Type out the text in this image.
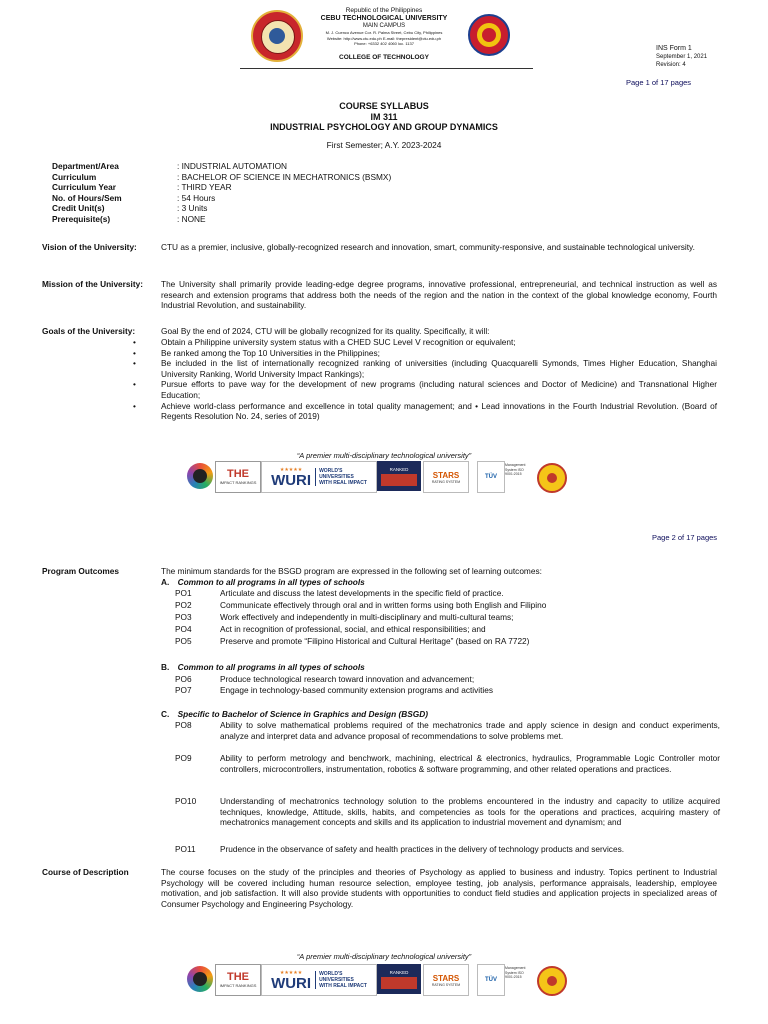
Republic of the Philippines
CEBU TECHNOLOGICAL UNIVERSITY
MAIN CAMPUS
M. J. Cuenco Avenue Cor. R. Palma Street, Cebu City, Philippines
Website: http://www.ctu.edu.ph E-mail: thepresident@ctu.edu.ph
Phone: +6332 402 4060 loc. 1137
COLLEGE OF TECHNOLOGY
INS Form 1
September 1, 2021
Revision: 4
Page 1 of 17 pages
COURSE SYLLABUS
IM 311
INDUSTRIAL PSYCHOLOGY AND GROUP DYNAMICS
First Semester; A.Y. 2023-2024
Department/Area	: INDUSTRIAL AUTOMATION
Curriculum	: BACHELOR OF SCIENCE IN MECHATRONICS (BSMX)
Curriculum Year	: THIRD YEAR
No. of Hours/Sem	: 54 Hours
Credit Unit(s)	: 3 Units
Prerequisite(s)	: NONE
Vision of the University:	CTU as a premier, inclusive, globally-recognized research and innovation, smart, community-responsive, and sustainable technological university.
Mission of the University: The University shall primarily provide leading-edge degree programs, innovative professional, entrepreneurial, and technical instruction as well as research and extension programs that address both the needs of the region and the nation in the context of the global knowledge economy, Fourth Industrial Revolution, and sustainability.
Goals of the University:	Goal By the end of 2024, CTU will be globally recognized for its quality. Specifically, it will:
• Obtain a Philippine university system status with a CHED SUC Level V recognition or equivalent;
• Be ranked among the Top 10 Universities in the Philippines;
• Be included in the list of internationally recognized ranking of universities (including Quacquarelli Symonds, Times Higher Education, Shanghai University Ranking, World University Impact Rankings);
• Pursue efforts to pave way for the development of new programs (including natural sciences and Doctor of Medicine) and Transnational Higher Education;
• Achieve world-class performance and excellence in total quality management; and • Lead innovations in the Fourth Industrial Revolution. (Board of Regents Resolution No. 24, series of 2019)
“A premier multi-disciplinary technological university”
THE
IMPACT RANKINGS
★★★★★
WURI
WORLD'S
UNIVERSITIES
WITH REAL IMPACT
RANKED
STARS
RATING SYSTEM
TÜV
Management System ISO 9001:2015
Page 2 of 17 pages
Program Outcomes	The minimum standards for the BSGD program are expressed in the following set of learning outcomes:
A. Common to all programs in all types of schools
PO1	Articulate and discuss the latest developments in the specific field of practice.
PO2	Communicate effectively through oral and in written forms using both English and Filipino
PO3	Work effectively and independently in multi-disciplinary and multi-cultural teams;
PO4	Act in recognition of professional, social, and ethical responsibilities; and
PO5	Preserve and promote “Filipino Historical and Cultural Heritage” (based on RA 7722)
B. Common to all programs in all types of schools
PO6	Produce technological research toward innovation and advancement;
PO7	Engage in technology-based community extension programs and activities
C. Specific to Bachelor of Science in Graphics and Design (BSGD)
PO8	Ability to solve mathematical problems required of the mechatronics trade and apply science in design and conduct experiments, analyze and interpret data and advance proposal of recommendations to solve problems met.
PO9	Ability to perform metrology and benchwork, machining, electrical & electronics, hydraulics, Programmable Logic Controller motor controllers, microcontrollers, instrumentation, robotics & software programming, and other related operations and practices.
PO10	Understanding of mechatronics technology solution to the problems encountered in the industry and capacity to utilize acquired techniques, knowledge, Attitude, skills, habits, and competencies as tools for the operations and practices, acquiring mastery of mechatronics management concepts and skills and its application to industrial movement and dynamism; and
PO11	Prudence in the observance of safety and health practices in the delivery of technology products and services.
Course of Description	The course focuses on the study of the principles and theories of Psychology as applied to business and industry. Topics pertinent to Industrial Psychology will be covered including human resource selection, employee testing, job analysis, performance appraisals, leadership, employee motivation, and job satisfaction. It will also provide students with opportunities to conduct field studies and application projects in specialized areas of Consumer Psychology and Engineering Psychology.
“A premier multi-disciplinary technological university”
THE
IMPACT RANKINGS
★★★★★
WURI
WORLD'S
UNIVERSITIES
WITH REAL IMPACT
RANKED
STARS
RATING SYSTEM
TÜV
Management System ISO 9001:2015
